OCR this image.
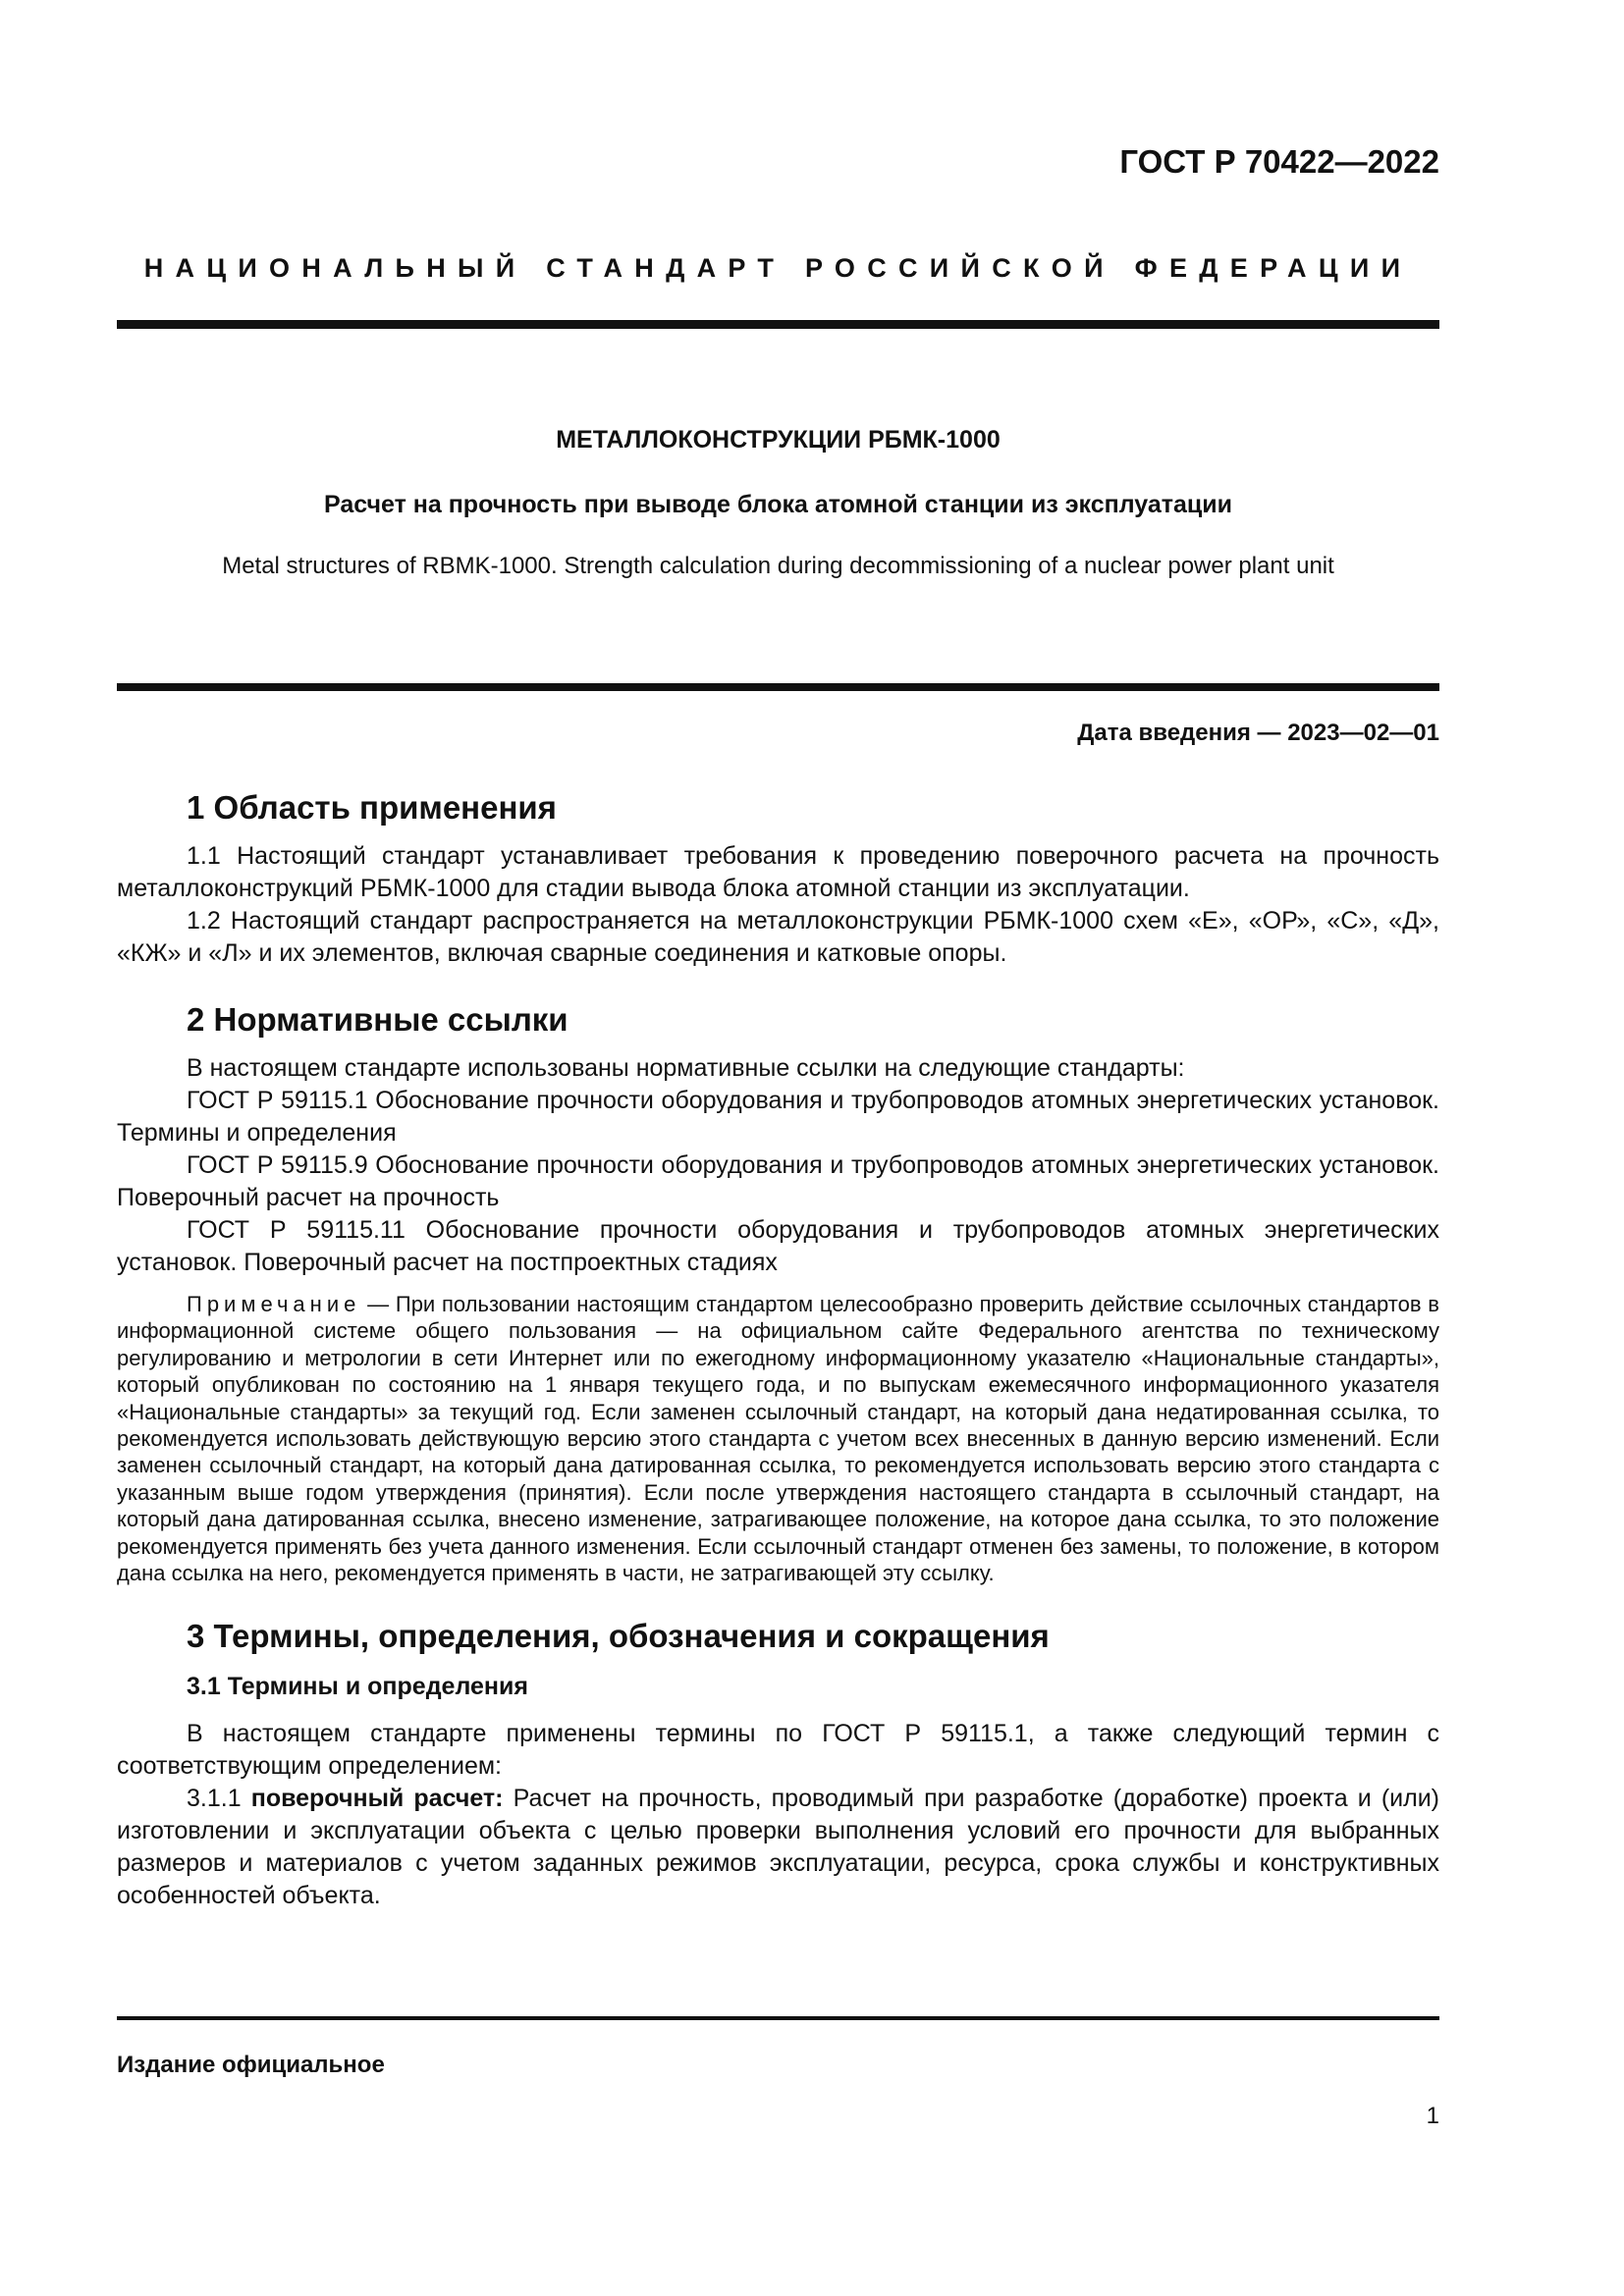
ГОСТ Р 70422—2022
НАЦИОНАЛЬНЫЙ СТАНДАРТ РОССИЙСКОЙ ФЕДЕРАЦИИ
МЕТАЛЛОКОНСТРУКЦИИ РБМК-1000
Расчет на прочность при выводе блока атомной станции из эксплуатации
Metal structures of RBMK-1000. Strength calculation during decommissioning of a nuclear power plant unit
Дата введения — 2023—02—01
1 Область применения

1.1 Настоящий стандарт устанавливает требования к проведению поверочного расчета на прочность металлоконструкций РБМК-1000 для стадии вывода блока атомной станции из эксплуатации.

1.2 Настоящий стандарт распространяется на металлоконструкции РБМК-1000 схем «Е», «ОР», «С», «Д», «КЖ» и «Л» и их элементов, включая сварные соединения и катковые опоры.

2 Нормативные ссылки

В настоящем стандарте использованы нормативные ссылки на следующие стандарты:

ГОСТ Р 59115.1 Обоснование прочности оборудования и трубопроводов атомных энергетических установок. Термины и определения

ГОСТ Р 59115.9 Обоснование прочности оборудования и трубопроводов атомных энергетических установок. Поверочный расчет на прочность

ГОСТ Р 59115.11 Обоснование прочности оборудования и трубопроводов атомных энергетических установок. Поверочный расчет на постпроектных стадиях

Примечание — При пользовании настоящим стандартом целесообразно проверить действие ссылочных стандартов в информационной системе общего пользования — на официальном сайте Федерального агентства по техническому регулированию и метрологии в сети Интернет или по ежегодному информационному указателю «Национальные стандарты», который опубликован по состоянию на 1 января текущего года, и по выпускам ежемесячного информационного указателя «Национальные стандарты» за текущий год. Если заменен ссылочный стандарт, на который дана недатированная ссылка, то рекомендуется использовать действующую версию этого стандарта с учетом всех внесенных в данную версию изменений. Если заменен ссылочный стандарт, на который дана датированная ссылка, то рекомендуется использовать версию этого стандарта с указанным выше годом утверждения (принятия). Если после утверждения настоящего стандарта в ссылочный стандарт, на который дана датированная ссылка, внесено изменение, затрагивающее положение, на которое дана ссылка, то это положение рекомендуется применять без учета данного изменения. Если ссылочный стандарт отменен без замены, то положение, в котором дана ссылка на него, рекомендуется применять в части, не затрагивающей эту ссылку.

3 Термины, определения, обозначения и сокращения
3.1 Термины и определения

В настоящем стандарте применены термины по ГОСТ Р 59115.1, а также следующий термин с соответствующим определением:

3.1.1 поверочный расчет: Расчет на прочность, проводимый при разработке (доработке) проекта и (или) изготовлении и эксплуатации объекта с целью проверки выполнения условий его прочности для выбранных размеров и материалов с учетом заданных режимов эксплуатации, ресурса, срока службы и конструктивных особенностей объекта.

Издание официальное
1
